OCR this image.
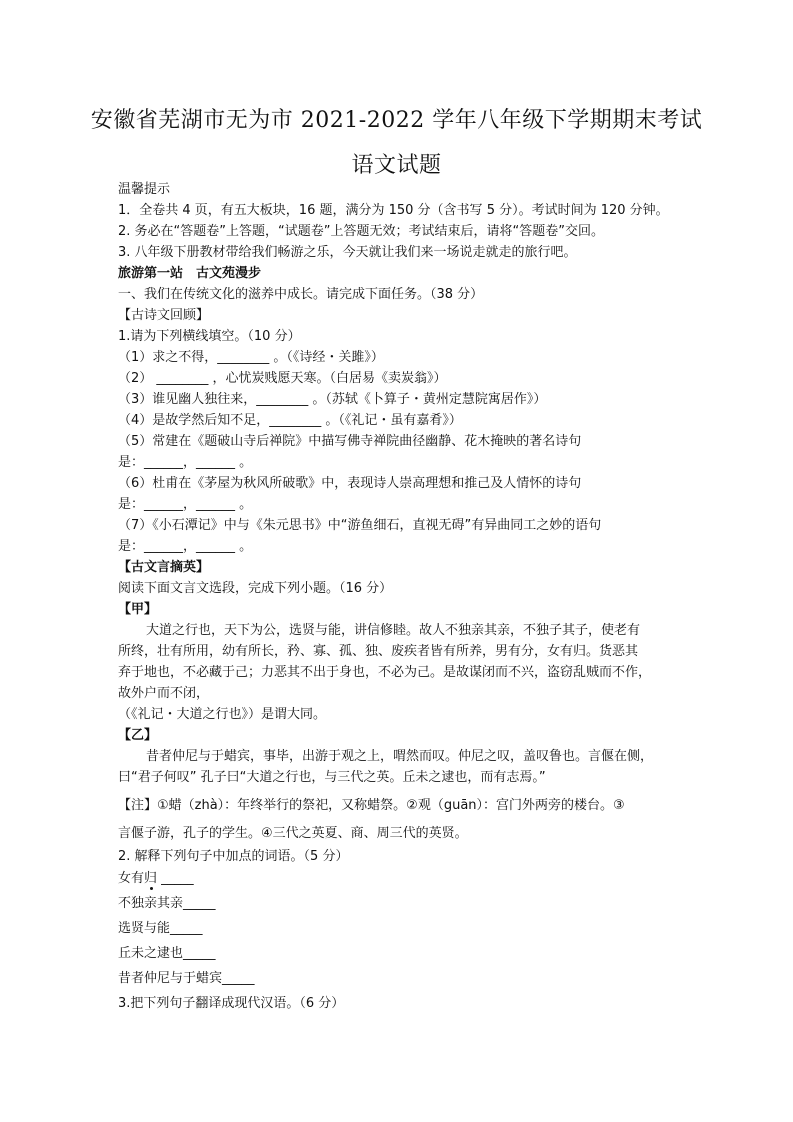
安徽省芜湖市无为市 2021-2022 学年八年级下学期期末考试
语文试题
温馨提示
1．全卷共 4 页，有五大板块，16 题，满分为 150 分（含书写 5 分）。考试时间为 120 分钟。
2. 务必在“答题卷”上答题，“试题卷”上答题无效；考试结束后，请将“答题卷”交回。
3. 八年级下册教材带给我们畅游之乐，今天就让我们来一场说走就走的旅行吧。
旅游第一站　古文苑漫步
一、我们在传统文化的滋养中成长。请完成下面任务。（38 分）
【古诗文回顾】
1.请为下列横线填空。（10 分）
（1）求之不得，________ 。（《诗经・关雎》）
（2） ________ ，心忧炭贱愿天寒。（白居易《卖炭翁》）
（3）谁见幽人独往来，________ 。（苏轼《卜算子・黄州定慧院寓居作》）
（4）是故学然后知不足，________ 。（《礼记・虽有嘉肴》）
（5）常建在《题破山寺后禅院》中描写佛寺禅院曲径幽静、花木掩映的著名诗句
是：______，______ 。
（6）杜甫在《茅屋为秋风所破歌》中，表现诗人崇高理想和推己及人情怀的诗句
是：______，______ 。
（7）《小石潭记》中与《朱元思书》中“游鱼细石，直视无碍”有异曲同工之妙的语句
是：______，______ 。
【古文言摘英】
阅读下面文言文选段，完成下列小题。（16 分）
【甲】
大道之行也，天下为公，选贤与能，讲信修睦。故人不独亲其亲，不独子其子，使老有
所终，壮有所用，幼有所长，矜、寡、孤、独、废疾者皆有所养，男有分，女有归。货恶其
弃于地也，不必藏于己；力恶其不出于身也，不必为己。是故谋闭而不兴，盗窃乱贼而不作，
故外户而不闭，
（《礼记・大道之行也》）是谓大同。
【乙】
昔者仲尼与于蜡宾，事毕，出游于观之上，喟然而叹。仲尼之叹，盖叹鲁也。言偃在侧，
曰“君子何叹” 孔子曰“大道之行也，与三代之英。丘未之逮也，而有志焉。”
【注】①蜡（zhà）：年终举行的祭祀，又称蜡祭。②观（guān）：宫门外两旁的楼台。③
言偃子游，孔子的学生。④三代之英夏、商、周三代的英贤。
2. 解释下列句子中加点的词语。（5 分）
女有归 _____
不独亲其亲_____
选贤与能_____
丘未之逮也_____
昔者仲尼与于蜡宾_____
3.把下列句子翻译成现代汉语。（6 分）
